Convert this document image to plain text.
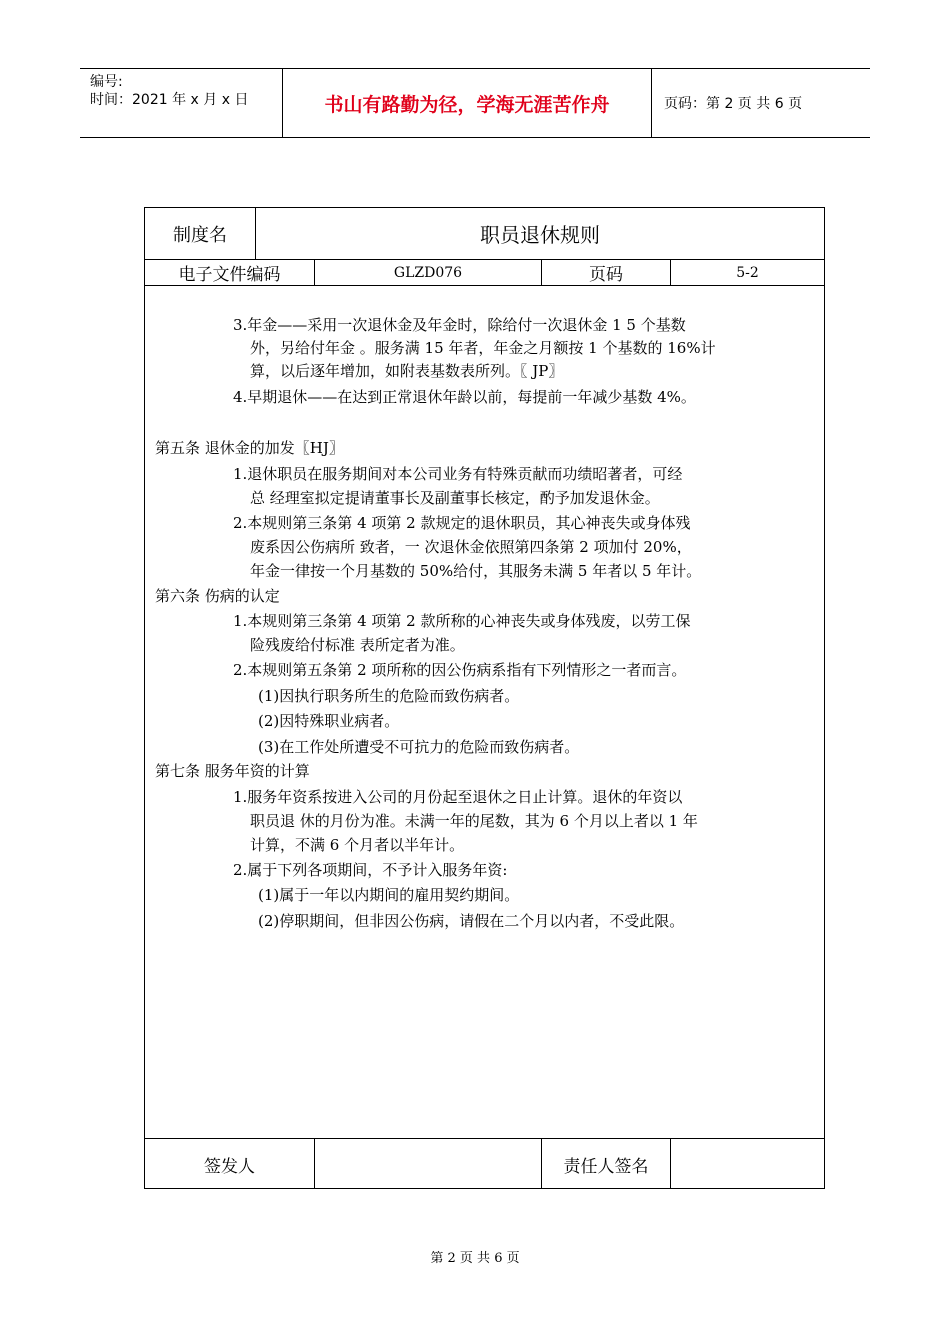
编号:
时间：2021 年 x 月 x 日	书山有路勤为径，学海无涯苦作舟	页码：第 2 页 共 6 页
制度名	职员退休规则
电子文件编码	GLZD076	页码	5-2
3.年金——采用一次退休金及年金时，除给付一次退休金 1 5 个基数
外，另给付年金 。服务满 15 年者，年金之月额按 1 个基数的 16%计
算，以后逐年增加，如附表基数表所列。〖 JP〗
4.早期退休——在达到正常退休年龄以前，每提前一年减少基数 4%。
第五条 退休金的加发〖HJ〗
1.退休职员在服务期间对本公司业务有特殊贡献而功绩昭著者，可经
总 经理室拟定提请董事长及副董事长核定，酌予加发退休金。
2.本规则第三条第 4 项第 2 款规定的退休职员，其心神丧失或身体残
废系因公伤病所 致者，一 次退休金依照第四条第 2 项加付 20%，
年金一律按一个月基数的 50%给付，其服务未满 5 年者以 5 年计。
第六条 伤病的认定
1.本规则第三条第 4 项第 2 款所称的心神丧失或身体残废，以劳工保
险残废给付标准 表所定者为准。
2.本规则第五条第 2 项所称的因公伤病系指有下列情形之一者而言。
(1)因执行职务所生的危险而致伤病者。
(2)因特殊职业病者。
(3)在工作处所遭受不可抗力的危险而致伤病者。
第七条 服务年资的计算
1.服务年资系按进入公司的月份起至退休之日止计算。退休的年资以
职员退 休的月份为准。未满一年的尾数，其为 6 个月以上者以 1 年
计算，不满 6 个月者以半年计。
2.属于下列各项期间，不予计入服务年资:
(1)属于一年以内期间的雇用契约期间。
(2)停职期间，但非因公伤病，请假在二个月以内者，不受此限。
签发人	责任人签名
第 2 页 共 6 页
